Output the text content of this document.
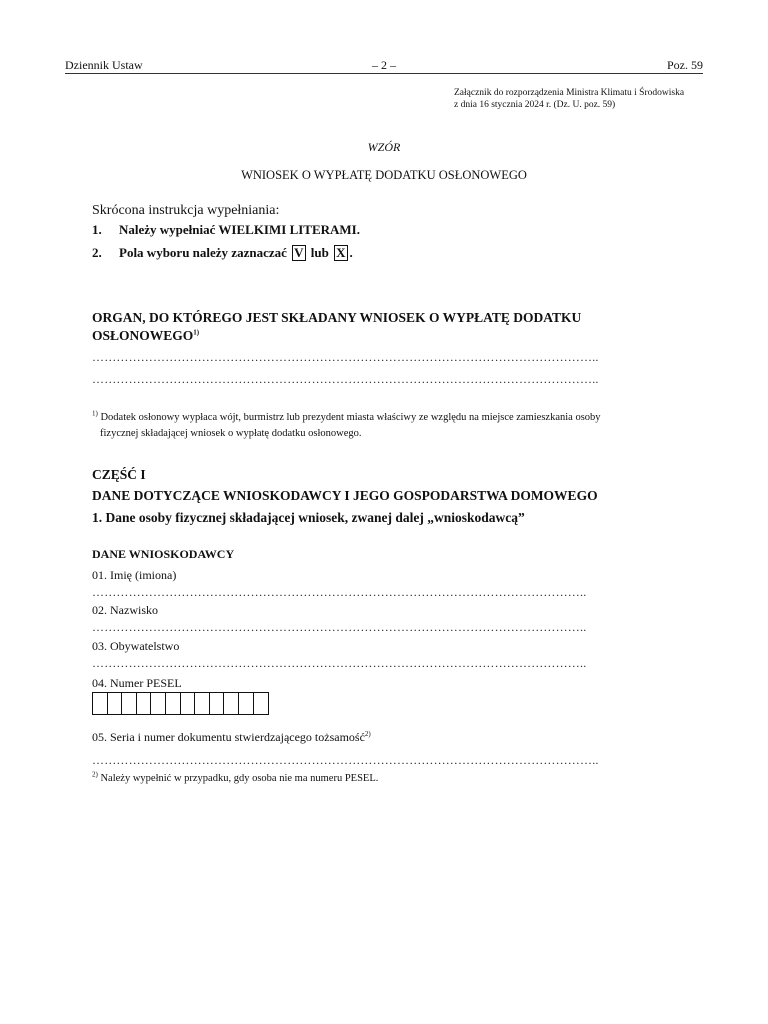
Dziennik Ustaw	– 2 –	Poz. 59
Załącznik do rozporządzenia Ministra Klimatu i Środowiska
z dnia 16 stycznia 2024 r. (Dz. U. poz. 59)
WZÓR
WNIOSEK O WYPŁATĘ DODATKU OSŁONOWEGO
Skrócona instrukcja wypełniania:
1. Należy wypełniać WIELKIMI LITERAMI.
2. Pola wyboru należy zaznaczać V lub X .
ORGAN, DO KTÓREGO JEST SKŁADANY WNIOSEK O WYPŁATĘ DODATKU
OSŁONOWEGO$^{1)}$
……………………………………………………………………………………………………………..
……………………………………………………………………………………………………………..
$^{1)}$ Dodatek osłonowy wypłaca wójt, burmistrz lub prezydent miasta właściwy ze względu na miejsce zamieszkania osoby
fizycznej składającej wniosek o wypłatę dodatku osłonowego.
CZĘŚĆ I
DANE DOTYCZĄCE WNIOSKODAWCY I JEGO GOSPODARSTWA DOMOWEGO
1. Dane osoby fizycznej składającej wniosek, zwanej dalej „wnioskodawcą”
DANE WNIOSKODAWCY
01. Imię (imiona)
…………………………………………………………………………………………………………..
02. Nazwisko
…………………………………………………………………………………………………………..
03. Obywatelstwo
…………………………………………………………………………………………………………..
04. Numer PESEL
05. Seria i numer dokumentu stwierdzającego tożsamość$^{2)}$
……………………………………………………………………………………………………………..
$^{2)}$ Należy wypełnić w przypadku, gdy osoba nie ma numeru PESEL.
